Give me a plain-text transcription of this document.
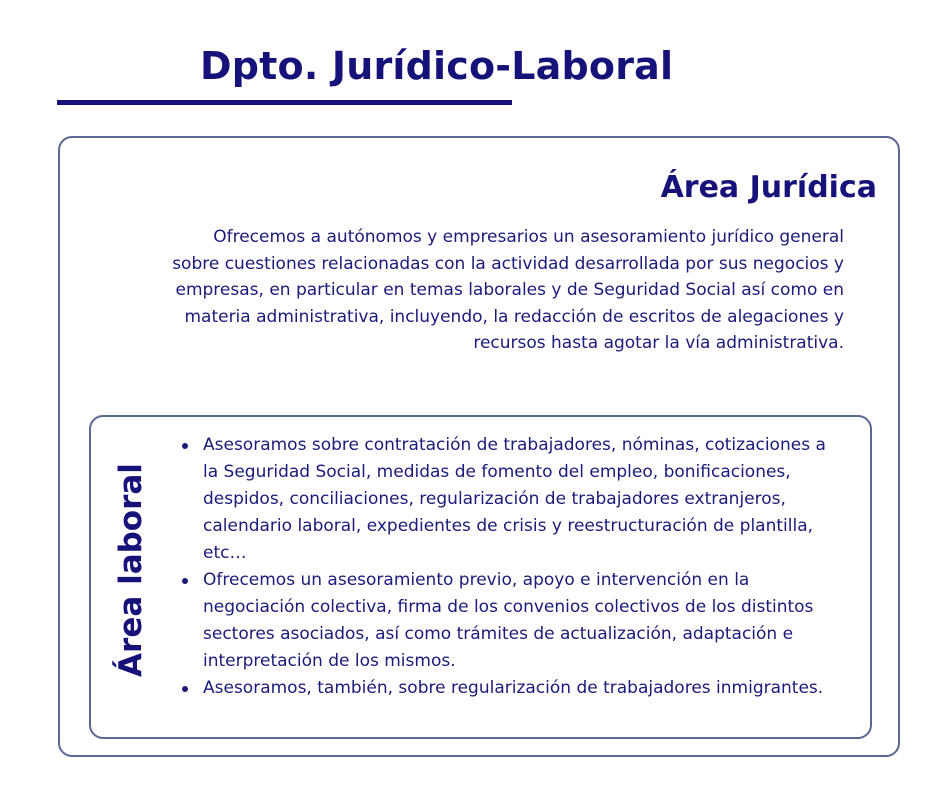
Dpto. Jurídico-Laboral
Área Jurídica

Ofrecemos a autónomos y empresarios un asesoramiento jurídico general sobre cuestiones relacionadas con la actividad desarrollada por sus negocios y empresas, en particular en temas laborales y de Seguridad Social así como en materia administrativa, incluyendo, la redacción de escritos de alegaciones y recursos hasta agotar la vía administrativa.

Área laboral
Asesoramos sobre contratación de trabajadores, nóminas, cotizaciones a la Seguridad Social, medidas de fomento del empleo, bonificaciones, despidos, conciliaciones, regularización de trabajadores extranjeros, calendario laboral, expedientes de crisis y reestructuración de plantilla, etc…
Ofrecemos un asesoramiento previo, apoyo e intervención en la negociación colectiva, firma de los convenios colectivos de los distintos sectores asociados, así como trámites de actualización, adaptación e interpretación de los mismos.
Asesoramos, también, sobre regularización de trabajadores inmigrantes.
